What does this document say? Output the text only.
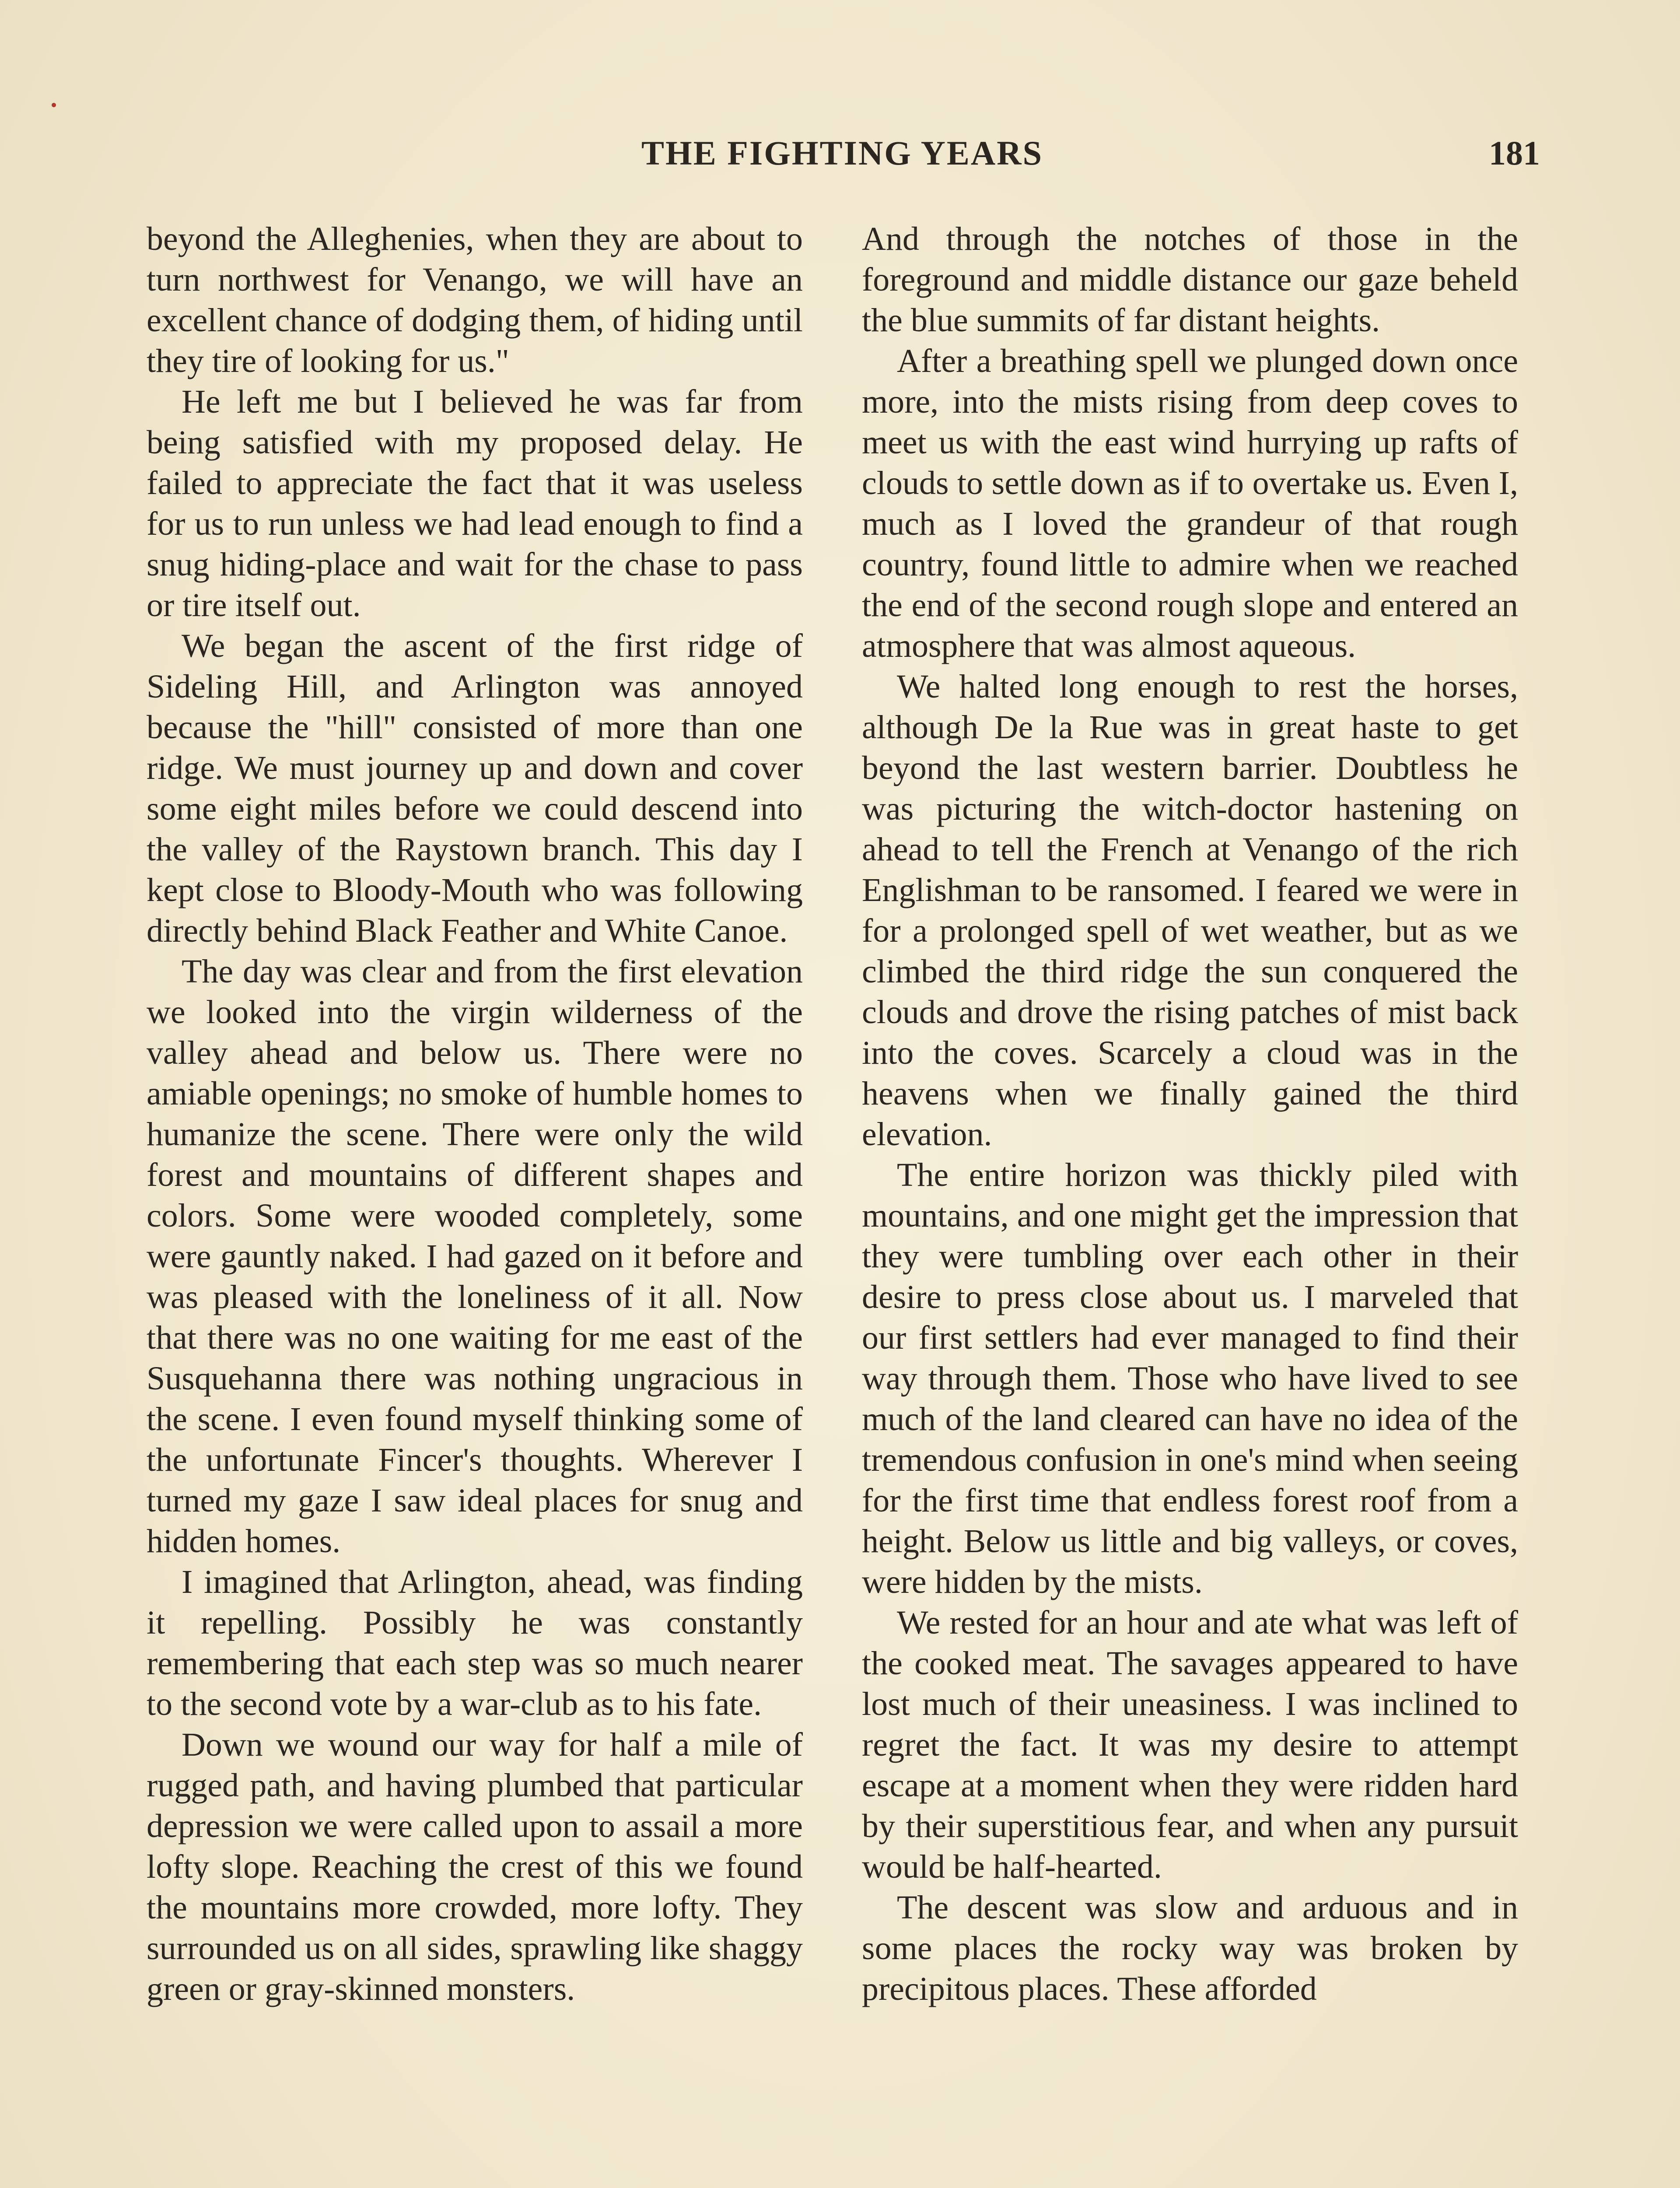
THE FIGHTING YEARS	181

beyond the Alleghenies, when they are about to turn northwest for Venango, we will have an excellent chance of dodging them, of hiding until they tire of looking for us."

He left me but I believed he was far from being satisfied with my proposed delay. He failed to appreciate the fact that it was useless for us to run unless we had lead enough to find a snug hiding-place and wait for the chase to pass or tire itself out.

We began the ascent of the first ridge of Sideling Hill, and Arlington was annoyed because the "hill" consisted of more than one ridge. We must journey up and down and cover some eight miles before we could descend into the valley of the Raystown branch. This day I kept close to Bloody-Mouth who was following directly behind Black Feather and White Canoe.

The day was clear and from the first elevation we looked into the virgin wilderness of the valley ahead and below us. There were no amiable openings; no smoke of humble homes to humanize the scene. There were only the wild forest and mountains of different shapes and colors. Some were wooded completely, some were gauntly naked. I had gazed on it before and was pleased with the loneliness of it all. Now that there was no one waiting for me east of the Susquehanna there was nothing ungracious in the scene. I even found myself thinking some of the unfortunate Fincer's thoughts. Wherever I turned my gaze I saw ideal places for snug and hidden homes.

I imagined that Arlington, ahead, was finding it repelling. Possibly he was constantly remembering that each step was so much nearer to the second vote by a war-club as to his fate.

Down we wound our way for half a mile of rugged path, and having plumbed that particular depression we were called upon to assail a more lofty slope. Reaching the crest of this we found the mountains more crowded, more lofty. They surrounded us on all sides, sprawling like shaggy green or gray-skinned monsters.

And through the notches of those in the foreground and middle distance our gaze beheld the blue summits of far distant heights.

After a breathing spell we plunged down once more, into the mists rising from deep coves to meet us with the east wind hurrying up rafts of clouds to settle down as if to overtake us. Even I, much as I loved the grandeur of that rough country, found little to admire when we reached the end of the second rough slope and entered an atmosphere that was almost aqueous.

We halted long enough to rest the horses, although De la Rue was in great haste to get beyond the last western barrier. Doubtless he was picturing the witch-doctor hastening on ahead to tell the French at Venango of the rich Englishman to be ransomed. I feared we were in for a prolonged spell of wet weather, but as we climbed the third ridge the sun conquered the clouds and drove the rising patches of mist back into the coves. Scarcely a cloud was in the heavens when we finally gained the third elevation.

The entire horizon was thickly piled with mountains, and one might get the impression that they were tumbling over each other in their desire to press close about us. I marveled that our first settlers had ever managed to find their way through them. Those who have lived to see much of the land cleared can have no idea of the tremendous confusion in one's mind when seeing for the first time that endless forest roof from a height. Below us little and big valleys, or coves, were hidden by the mists.

We rested for an hour and ate what was left of the cooked meat. The savages appeared to have lost much of their uneasiness. I was inclined to regret the fact. It was my desire to attempt escape at a moment when they were ridden hard by their superstitious fear, and when any pursuit would be half-hearted.

The descent was slow and arduous and in some places the rocky way was broken by precipitous places. These afforded
